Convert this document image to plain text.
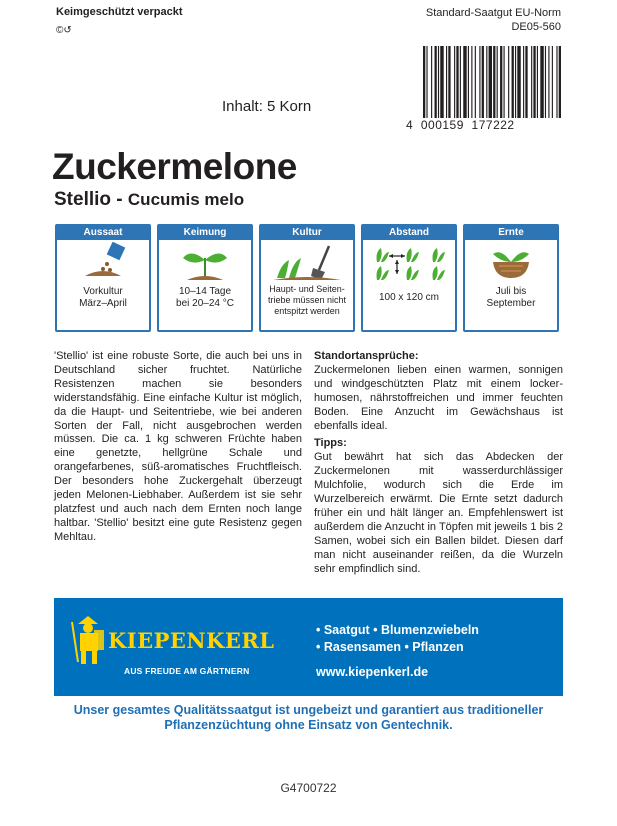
Keimgeschützt verpackt
©↺
Standard-Saatgut EU-Norm
DE05-560
4  000159  177222
Inhalt: 5 Korn
Zuckermelone
Stellio - Cucumis melo
Aussaat
Vorkultur
März–April
Keimung
10–14 Tage
bei 20–24 °C
Kultur
Haupt- und Seiten-
triebe müssen nicht
entspitzt werden
Abstand
100 x 120 cm
Ernte
Juli bis
September
'Stellio' ist eine robuste Sorte, die auch bei uns in Deutschland sicher fruchtet. Natürliche Resistenzen machen sie besonders widerstandsfähig. Eine einfache Kultur ist möglich, da die Haupt- und Seitentriebe, wie bei anderen Sorten der Fall, nicht ausgebrochen werden müssen. Die ca. 1 kg schweren Früchte haben eine genetzte, hellgrüne Schale und orangefarbenes, süß-aromatisches Fruchtfleisch. Der besonders hohe Zuckergehalt überzeugt jeden Melonen-Liebhaber. Außerdem ist sie sehr platzfest und auch nach dem Ernten noch lange haltbar. 'Stellio' besitzt eine gute Resistenz gegen Mehltau.
Standortansprüche:

Zuckermelonen lieben einen warmen, sonnigen und windgeschützten Platz mit einem locker-humosen, nährstoffreichen und immer feuchten Boden. Eine Anzucht im Gewächshaus ist ebenfalls ideal.

Tipps:

Gut bewährt hat sich das Abdecken der Zuckermelonen mit wasserdurchlässiger Mulchfolie, wodurch sich die Erde im Wurzelbereich erwärmt. Die Ernte setzt dadurch früher ein und hält länger an. Empfehlenswert ist außerdem die Anzucht in Töpfen mit jeweils 1 bis 2 Samen, wobei sich ein Ballen bildet. Diesen darf man nicht auseinander reißen, da die Wurzeln sehr empfindlich sind.

KIEPENKERL
AUS FREUDE AM GÄRTNERN
• Saatgut • Blumenzwiebeln
• Rasensamen • Pflanzen
www.kiepenkerl.de
Unser gesamtes Qualitätssaatgut ist ungebeizt und garantiert aus traditioneller Pflanzenzüchtung ohne Einsatz von Gentechnik.
G4700722
